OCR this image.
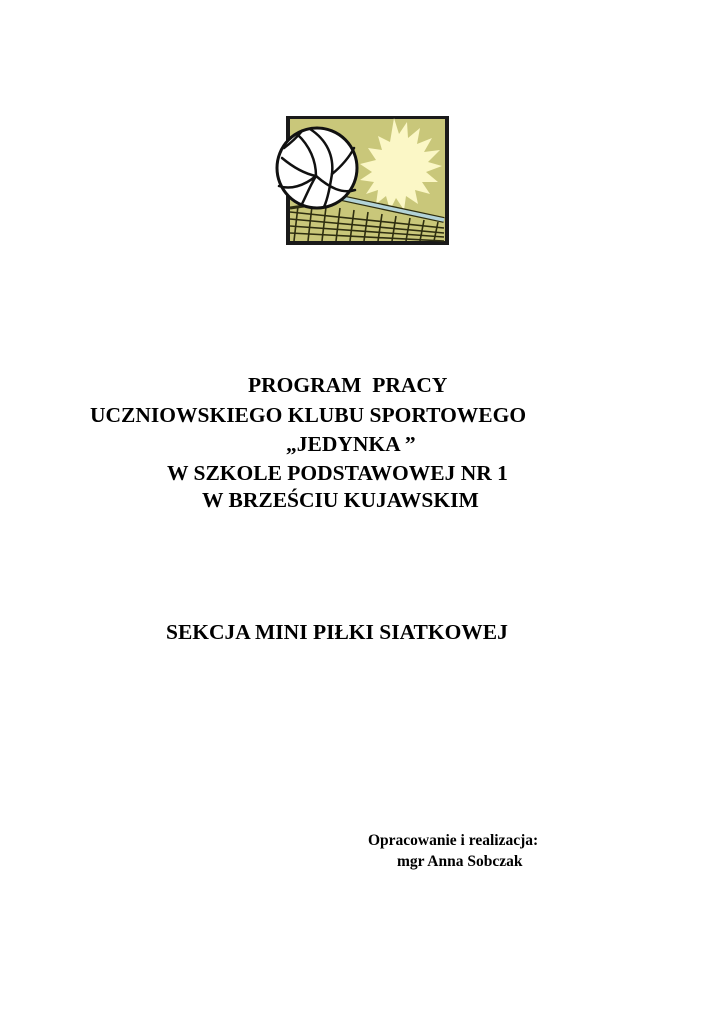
PROGRAM  PRACY

UCZNIOWSKIEGO KLUBU SPORTOWEGO

„JEDYNKA ”

W SZKOLE PODSTAWOWEJ NR 1

W BRZEŚCIU KUJAWSKIM

SEKCJA MINI PIŁKI SIATKOWEJ

Opracowanie i realizacja:
mgr Anna Sobczak
